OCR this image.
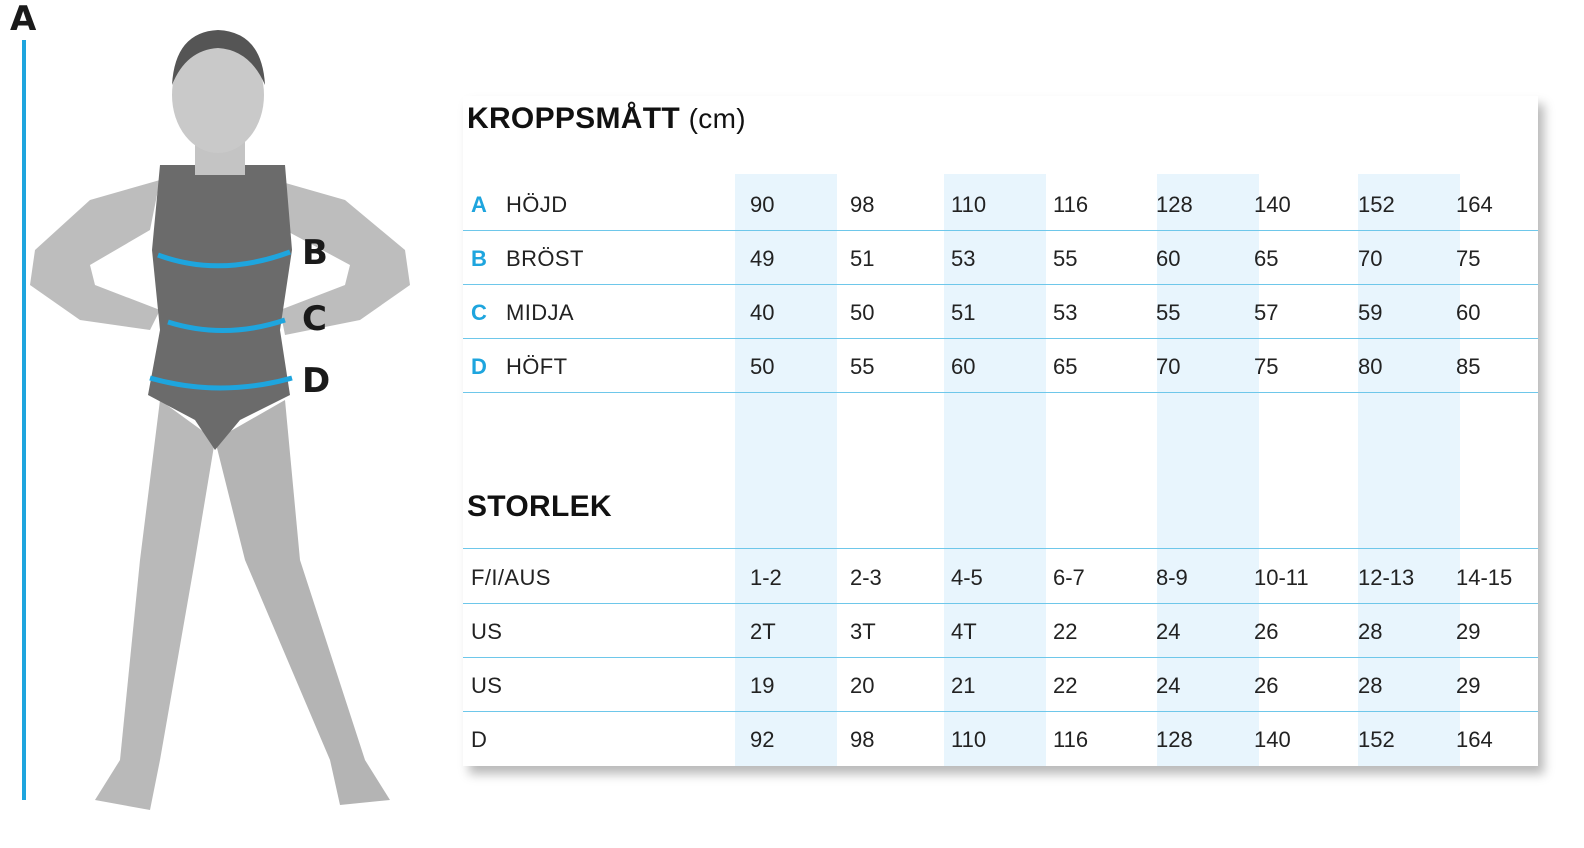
A
B
C
D
KROPPSMÅTT (cm)
A HÖJD	90	98	110	116	128	140	152	164
B BRÖST	49	51	53	55	60	65	70	75
C MIDJA	40	50	51	53	55	57	59	60
D HÖFT	50	55	60	65	70	75	80	85
STORLEK
F/I/AUS	1-2	2-3	4-5	6-7	8-9	10-11 12-13 14-15
US	2T	3T	4T	22	24	26	28	29
US	19	20	21	22	24	26	28	29
D	92	98	110	116	128	140	152	164
